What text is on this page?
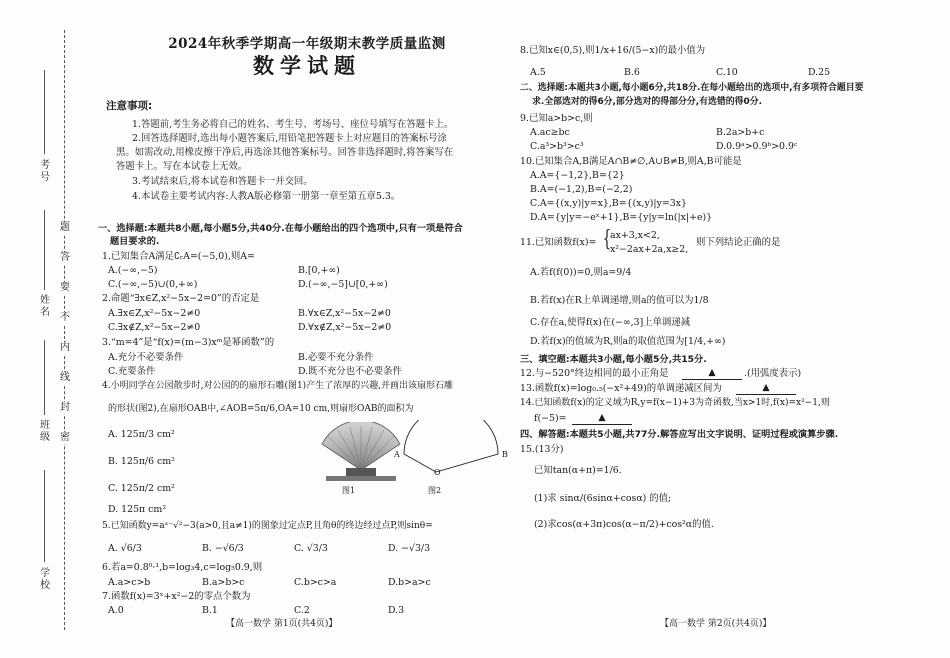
题
答
要
不
内
线
封
密
考号
姓名
班级
学校
2024年秋季学期高一年级期末教学质量监测
数学试题
注意事项:
1.答题前,考生务必将自己的姓名、考生号、考场号、座位号填写在答题卡上。
2.回答选择题时,选出每小题答案后,用铅笔把答题卡上对应题目的答案标号涂
黑。如需改动,用橡皮擦干净后,再选涂其他答案标号。回答非选择题时,将答案写在
答题卡上。写在本试卷上无效。
3.考试结束后,将本试卷和答题卡一并交回。
4.本试卷主要考试内容:人教A版必修第一册第一章至第五章5.3。
一、选择题:本题共8小题,每小题5分,共40分.在每小题给出的四个选项中,只有一项是符合
题目要求的.
1.已知集合A满足∁ᵣA=(−5,0),则A=
A.(−∞,−5)	B.[0,+∞)
C.(−∞,−5)∪(0,+∞)	D.(−∞,−5]∪[0,+∞)
2.命题“∃x∈Z,x²−5x−2=0”的否定是
A.∃x∈Z,x²−5x−2≠0	B.∀x∈Z,x²−5x−2≠0
C.∃x∉Z,x²−5x−2≠0	D.∀x∉Z,x²−5x−2≠0
3.“m=4”是“f(x)=(m−3)xᵐ是幂函数”的
A.充分不必要条件	B.必要不充分条件
C.充要条件	D.既不充分也不必要条件
4.小明同学在公园散步时,对公园的的扇形石雕(图1)产生了浓厚的兴趣,并画出该扇形石雕
的形状(图2),在扇形OAB中,∠AOB=5π/6,OA=10 cm,则扇形OAB的面积为
A. 125π/3 cm²
B. 125π/6 cm²
C. 125π/2 cm²
D. 125π cm²
图1
A	B
O
图2
5.已知函数y=aˣ⁻√²−3(a>0,且a≠1)的图象过定点P,且角θ的终边经过点P,则sinθ=
A. √6/3	B. −√6/3	C. √3/3	D. −√3/3
6.若a=0.8⁰·¹,b=log₃4,c=log₅0.9,则
A.a>c>b	B.a>b>c	C.b>c>a	D.b>a>c
7.函数f(x)=3ˣ+x²−2的零点个数为
A.0	B.1	C.2	D.3
【高一数学 第1页(共4页)】
8.已知x∈(0,5),则1/x+16/(5−x)的最小值为
A.5	B.6	C.10	D.25
二、选择题:本题共3小题,每小题6分,共18分.在每小题给出的选项中,有多项符合题目要
求.全部选对的得6分,部分选对的得部分分,有选错的得0分.
9.已知a>b>c,则
A.ac≥bc	B.2a>b+c
C.a³>b³>c³	D.0.9ᵃ>0.9ᵇ>0.9ᶜ
10.已知集合A,B满足A∩B≠∅,A∪B≠B,则A,B可能是
A.A={−1,2},B={2}
B.A=(−1,2),B=(−2,2)
C.A={(x,y)|y=x},B={(x,y)|y=3x}
D.A={y|y=−eˣ+1},B={y|y=ln(|x|+e)}
11.已知函数f(x)= {
ax+3,x<2,
x²−2ax+2a,x≥2,
则下列结论正确的是
A.若f(f(0))=0,则a=9/4
B.若f(x)在R上单调递增,则a的值可以为1/8
C.存在a,使得f(x)在(−∞,3]上单调递减
D.若f(x)的值域为R,则a的取值范围为[1/4,+∞)
三、填空题:本题共3小题,每小题5分,共15分.
12.与−520°终边相同的最小正角是	▲	.(用弧度表示)
13.函数f(x)=log₀.₅(−x²+49)的单调递减区间为	▲
14.已知函数f(x)的定义域为R,y=f(x−1)+3为奇函数,当x>1时,f(x)=x²−1,则
f(−5)=	▲
四、解答题:本题共5小题,共77分.解答应写出文字说明、证明过程或演算步骤.
15.(13分)
已知tan(α+π)=1/6.
(1)求 sinα/(6sinα+cosα) 的值;
(2)求cos(α+3π)cos(α−π/2)+cos²α的值.
【高一数学 第2页(共4页)】
